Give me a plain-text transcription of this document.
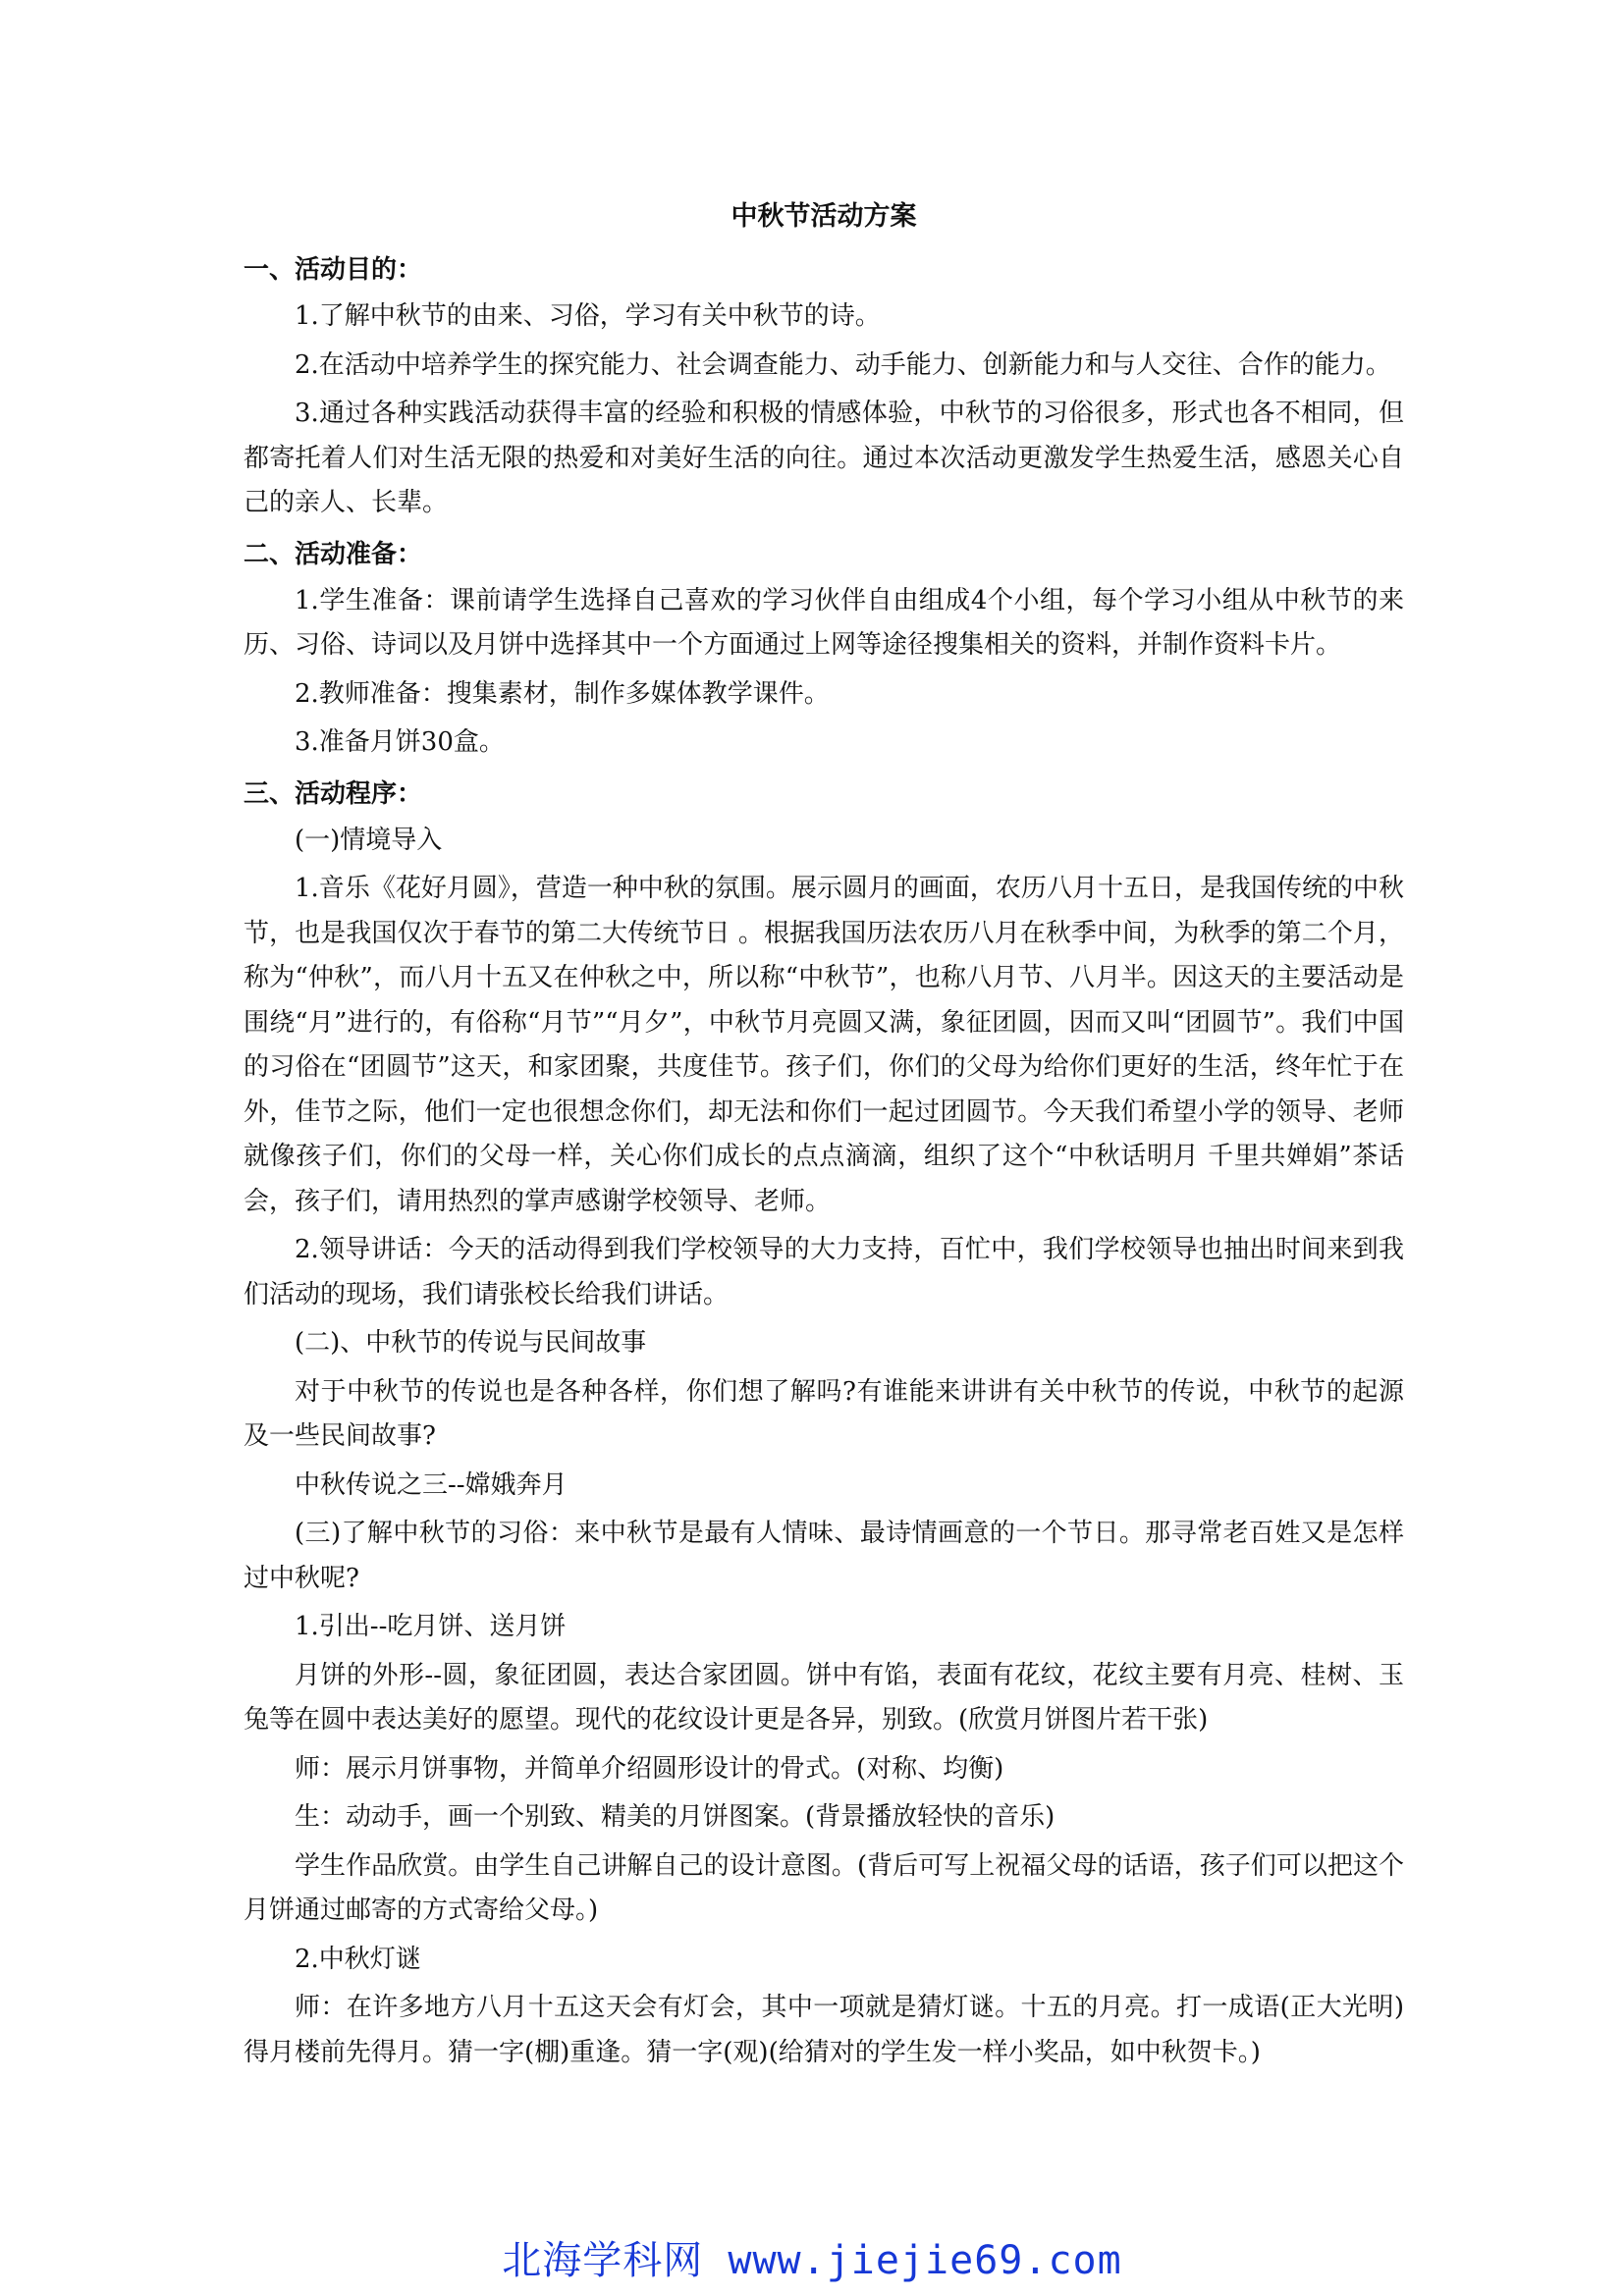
中秋节活动方案
一、活动目的：

1.了解中秋节的由来、习俗，学习有关中秋节的诗。

2.在活动中培养学生的探究能力、社会调查能力、动手能力、创新能力和与人交往、合作的能力。

3.通过各种实践活动获得丰富的经验和积极的情感体验，中秋节的习俗很多，形式也各不相同，但都寄托着人们对生活无限的热爱和对美好生活的向往。通过本次活动更激发学生热爱生活，感恩关心自己的亲人、长辈。

二、活动准备：

1.学生准备：课前请学生选择自己喜欢的学习伙伴自由组成4个小组，每个学习小组从中秋节的来历、习俗、诗词以及月饼中选择其中一个方面通过上网等途径搜集相关的资料，并制作资料卡片。

2.教师准备：搜集素材，制作多媒体教学课件。

3.准备月饼30盒。

三、活动程序：

(一)情境导入

1.音乐《花好月圆》，营造一种中秋的氛围。展示圆月的画面，农历八月十五日，是我国传统的中秋节，也是我国仅次于春节的第二大传统节日 。根据我国历法农历八月在秋季中间，为秋季的第二个月，称为“仲秋”，而八月十五又在仲秋之中，所以称“中秋节”，也称八月节、八月半。因这天的主要活动是围绕“月”进行的，有俗称“月节”“月夕”，中秋节月亮圆又满，象征团圆，因而又叫“团圆节”。我们中国的习俗在“团圆节”这天，和家团聚，共度佳节。孩子们，你们的父母为给你们更好的生活，终年忙于在外，佳节之际，他们一定也很想念你们，却无法和你们一起过团圆节。今天我们希望小学的领导、老师就像孩子们，你们的父母一样，关心你们成长的点点滴滴，组织了这个“中秋话明月 千里共婵娟”茶话会，孩子们，请用热烈的掌声感谢学校领导、老师。

2.领导讲话：今天的活动得到我们学校领导的大力支持，百忙中，我们学校领导也抽出时间来到我们活动的现场，我们请张校长给我们讲话。

(二)、中秋节的传说与民间故事

对于中秋节的传说也是各种各样，你们想了解吗?有谁能来讲讲有关中秋节的传说，中秋节的起源及一些民间故事?

中秋传说之三--嫦娥奔月

(三)了解中秋节的习俗：来中秋节是最有人情味、最诗情画意的一个节日。那寻常老百姓又是怎样过中秋呢?

1.引出--吃月饼、送月饼

月饼的外形--圆，象征团圆，表达合家团圆。饼中有馅，表面有花纹，花纹主要有月亮、桂树、玉兔等在圆中表达美好的愿望。现代的花纹设计更是各异，别致。(欣赏月饼图片若干张)

师：展示月饼事物，并简单介绍圆形设计的骨式。(对称、均衡)

生：动动手，画一个别致、精美的月饼图案。(背景播放轻快的音乐)

学生作品欣赏。由学生自己讲解自己的设计意图。(背后可写上祝福父母的话语，孩子们可以把这个月饼通过邮寄的方式寄给父母。)

2.中秋灯谜

师：在许多地方八月十五这天会有灯会，其中一项就是猜灯谜。十五的月亮。打一成语(正大光明)得月楼前先得月。猜一字(棚)重逢。猜一字(观)(给猜对的学生发一样小奖品，如中秋贺卡。)

北海学科网 www.jiejie69.com
